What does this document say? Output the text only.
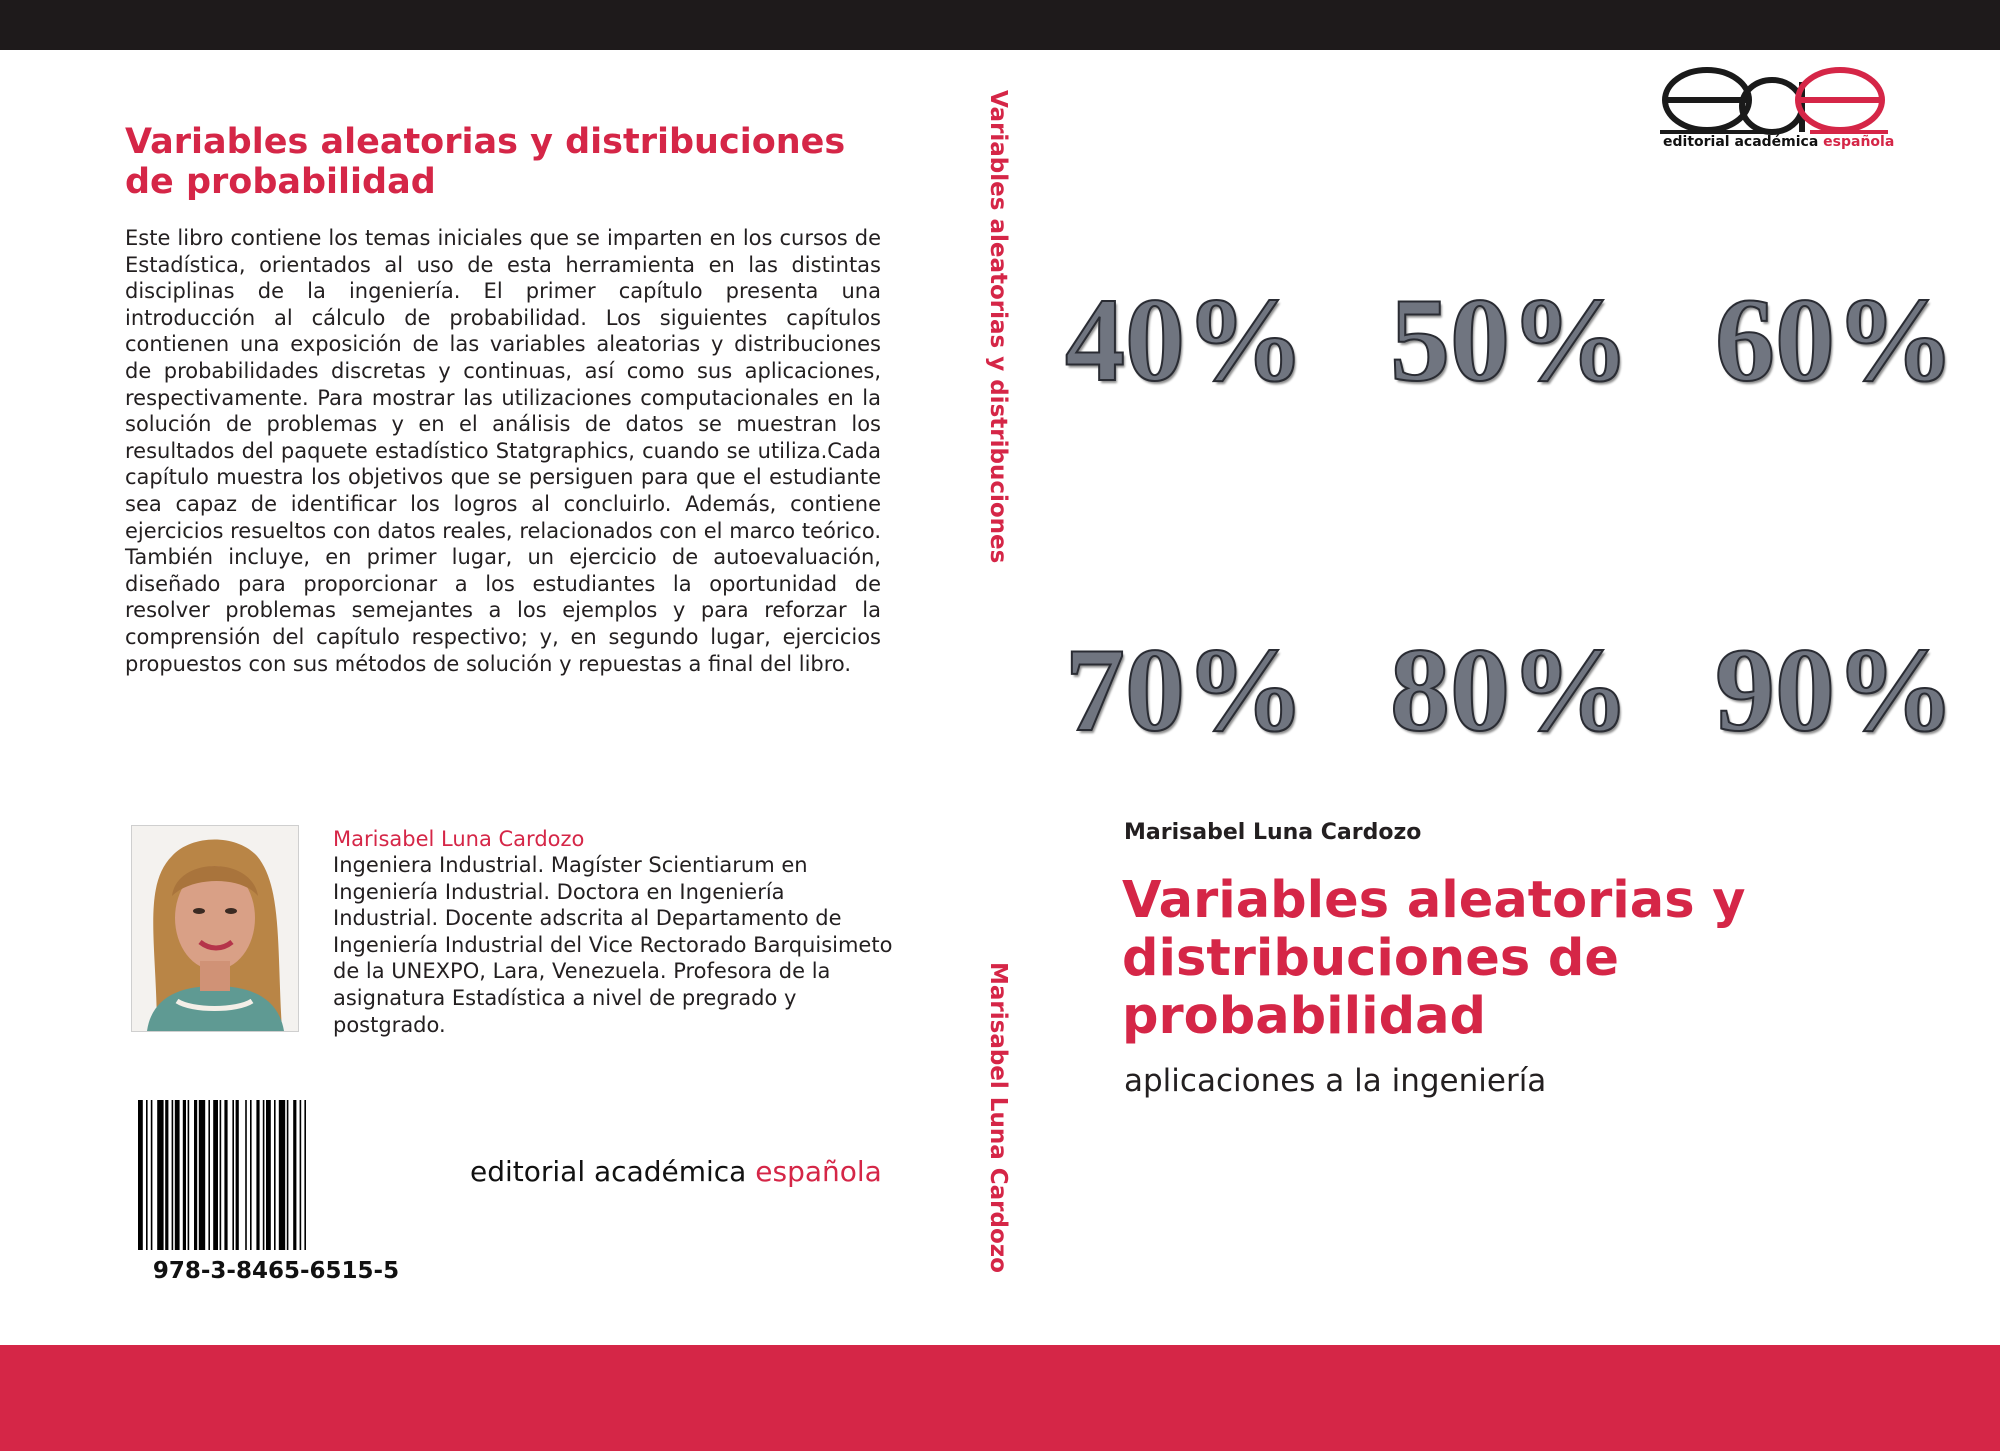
Variables aleatorias y distribuciones de probabilidad

Este libro contiene los temas iniciales que se imparten en los cursos de Estadística, orientados al uso de esta herramienta en las distintas disciplinas de la ingeniería. El primer capítulo presenta una introducción al cálculo de probabilidad. Los siguientes capítulos contienen una exposición de las variables aleatorias y distribuciones de probabilidades discretas y continuas, así como sus aplicaciones, respectivamente. Para mostrar las utilizaciones computacionales en la solución de problemas y en el análisis de datos se muestran los resultados del paquete estadístico Statgraphics, cuando se utiliza.Cada capítulo muestra los objetivos que se persiguen para que el estudiante sea capaz de identificar los logros al concluirlo. Además, contiene ejercicios resueltos con datos reales, relacionados con el marco teórico. También incluye, en primer lugar, un ejercicio de autoevaluación, diseñado para proporcionar a los estudiantes la oportunidad de resolver problemas semejantes a los ejemplos y para reforzar la comprensión del capítulo respectivo; y, en segundo lugar, ejercicios propuestos con sus métodos de solución y repuestas a final del libro.

Marisabel Luna Cardozo
Ingeniera Industrial. Magíster Scientiarum en Ingeniería Industrial. Doctora en Ingeniería Industrial. Docente adscrita al Departamento de Ingeniería Industrial del Vice Rectorado Barquisimeto de la UNEXPO, Lara, Venezuela. Profesora de la asignatura Estadística a nivel de pregrado y postgrado.
978-3-8465-6515-5
editorial académica española
Variables aleatorias y distribuciones
Marisabel Luna Cardozo
editorial académica española
40% 50% 60%
70% 80% 90%
Marisabel Luna Cardozo
Variables aleatorias y distribuciones de probabilidad
aplicaciones a la ingeniería
